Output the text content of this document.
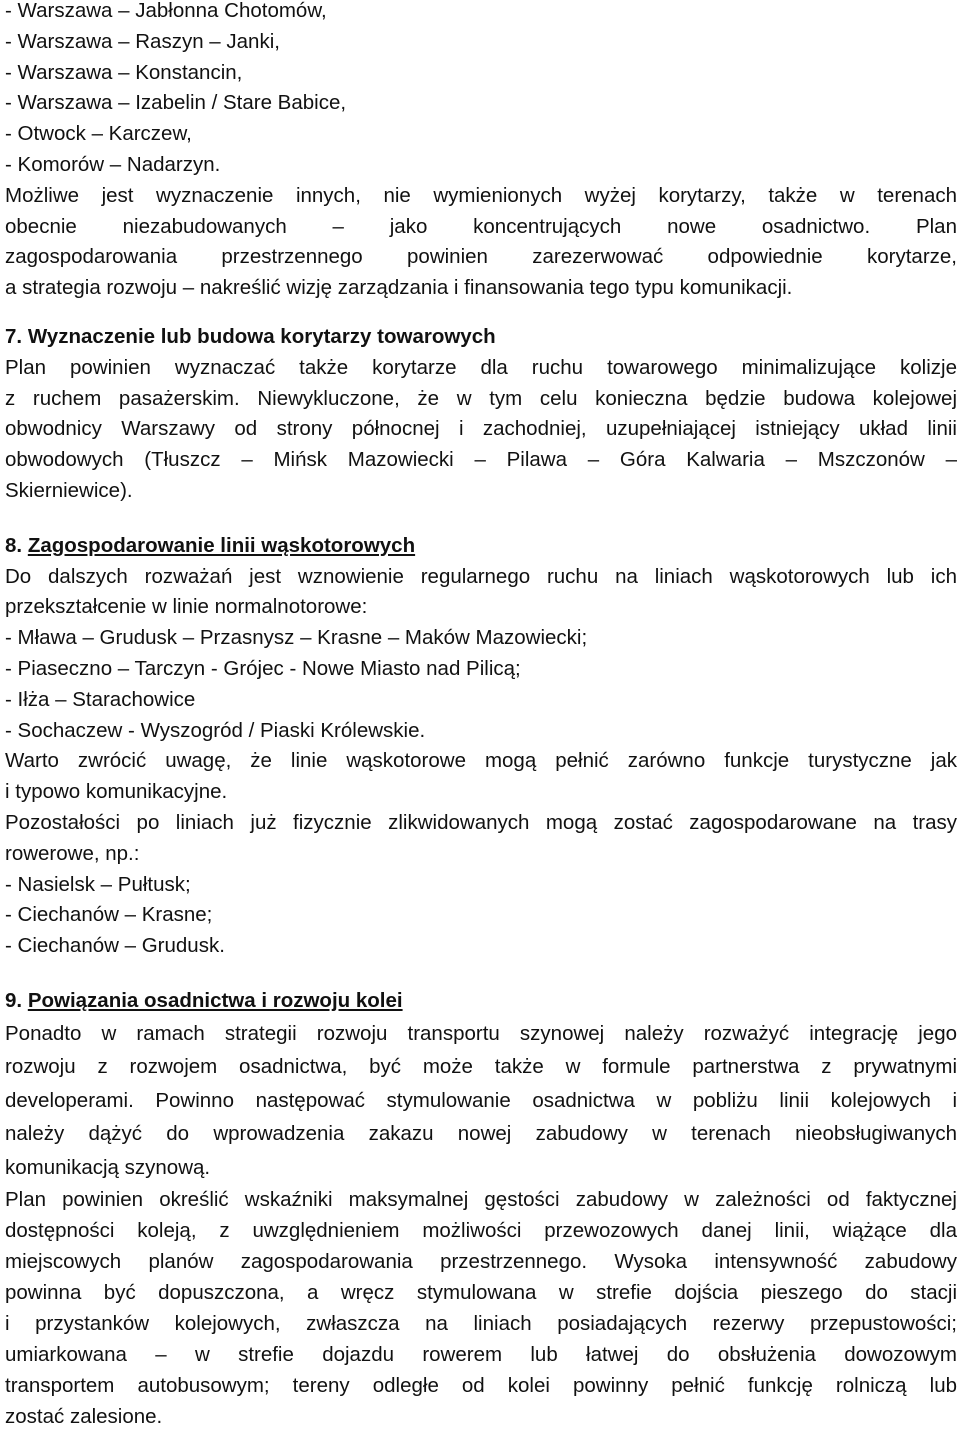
- Warszawa – Jabłonna Chotomów,
- Warszawa – Raszyn – Janki,
- Warszawa – Konstancin,
- Warszawa – Izabelin / Stare Babice,
- Otwock – Karczew,
- Komorów – Nadarzyn.
Możliwe jest wyznaczenie innych, nie wymienionych wyżej korytarzy, także w terenach
obecnie niezabudowanych – jako koncentrujących nowe osadnictwo. Plan
zagospodarowania przestrzennego powinien zarezerwować odpowiednie korytarze,
a strategia rozwoju – nakreślić wizję zarządzania i finansowania tego typu komunikacji.
7. Wyznaczenie lub budowa korytarzy towarowych
Plan powinien wyznaczać także korytarze dla ruchu towarowego minimalizujące kolizje
z ruchem pasażerskim. Niewykluczone, że w tym celu konieczna będzie budowa kolejowej
obwodnicy Warszawy od strony północnej i zachodniej, uzupełniającej istniejący układ linii
obwodowych (Tłuszcz – Mińsk Mazowiecki – Pilawa – Góra Kalwaria – Mszczonów –
Skierniewice).
8. Zagospodarowanie linii wąskotorowych
Do dalszych rozważań jest wznowienie regularnego ruchu na liniach wąskotorowych lub ich
przekształcenie w linie normalnotorowe:
- Mława – Grudusk – Przasnysz – Krasne – Maków Mazowiecki;
- Piaseczno – Tarczyn - Grójec - Nowe Miasto nad Pilicą;
- Iłża – Starachowice
- Sochaczew - Wyszogród / Piaski Królewskie.
Warto zwrócić uwagę, że linie wąskotorowe mogą pełnić zarówno funkcje turystyczne jak
i typowo komunikacyjne.
Pozostałości po liniach już fizycznie zlikwidowanych mogą zostać zagospodarowane na trasy
rowerowe, np.:
- Nasielsk – Pułtusk;
- Ciechanów – Krasne;
- Ciechanów – Grudusk.
9. Powiązania osadnictwa i rozwoju kolei
Ponadto w ramach strategii rozwoju transportu szynowej należy rozważyć integrację jego
rozwoju z rozwojem osadnictwa, być może także w formule partnerstwa z prywatnymi
developerami. Powinno następować stymulowanie osadnictwa w pobliżu linii kolejowych i
należy dążyć do wprowadzenia zakazu nowej zabudowy w terenach nieobsługiwanych
komunikacją szynową.
Plan powinien określić wskaźniki maksymalnej gęstości zabudowy w zależności od faktycznej
dostępności koleją, z uwzględnieniem możliwości przewozowych danej linii, wiążące dla
miejscowych planów zagospodarowania przestrzennego. Wysoka intensywność zabudowy
powinna być dopuszczona, a wręcz stymulowana w strefie dojścia pieszego do stacji
i przystanków kolejowych, zwłaszcza na liniach posiadających rezerwy przepustowości;
umiarkowana – w strefie dojazdu rowerem lub łatwej do obsłużenia dowozowym
transportem autobusowym; tereny odległe od kolei powinny pełnić funkcję rolniczą lub
zostać zalesione.
